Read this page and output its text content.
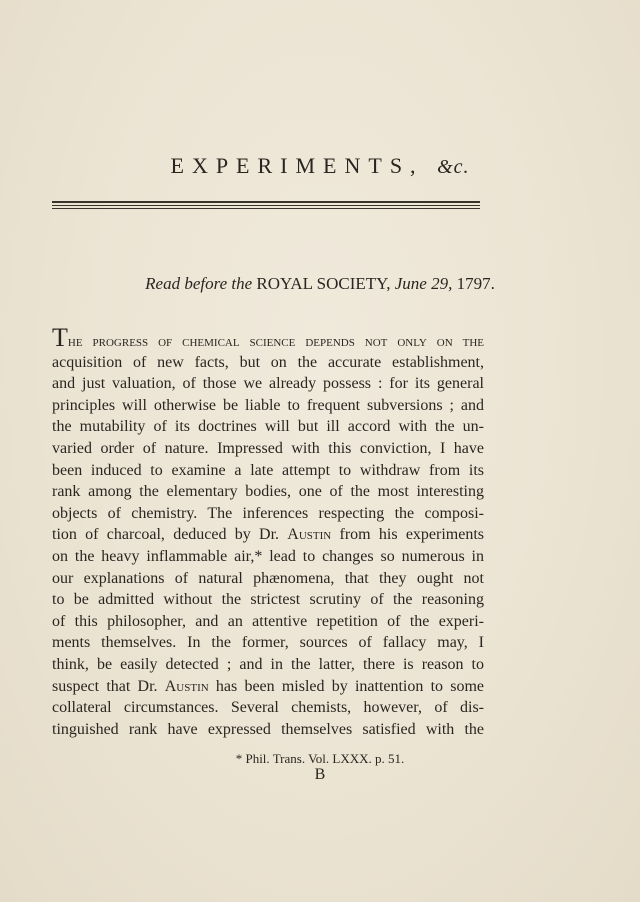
EXPERIMENTS, &c.
Read before the ROYAL SOCIETY, June 29, 1797.
The progress of chemical science depends not only on the
acquisition of new facts, but on the accurate establishment,
and just valuation, of those we already possess : for its general
principles will otherwise be liable to frequent subversions ; and
the mutability of its doctrines will but ill accord with the un-
varied order of nature. Impressed with this conviction, I have
been induced to examine a late attempt to withdraw from its
rank among the elementary bodies, one of the most interesting
objects of chemistry. The inferences respecting the composi-
tion of charcoal, deduced by Dr. Austin from his experiments
on the heavy inflammable air,* lead to changes so numerous in
our explanations of natural phænomena, that they ought not
to be admitted without the strictest scrutiny of the reasoning
of this philosopher, and an attentive repetition of the experi-
ments themselves. In the former, sources of fallacy may, I
think, be easily detected ; and in the latter, there is reason to
suspect that Dr. Austin has been misled by inattention to some
collateral circumstances. Several chemists, however, of dis-
tinguished rank have expressed themselves satisfied with the
* Phil. Trans. Vol. LXXX. p. 51.
B
